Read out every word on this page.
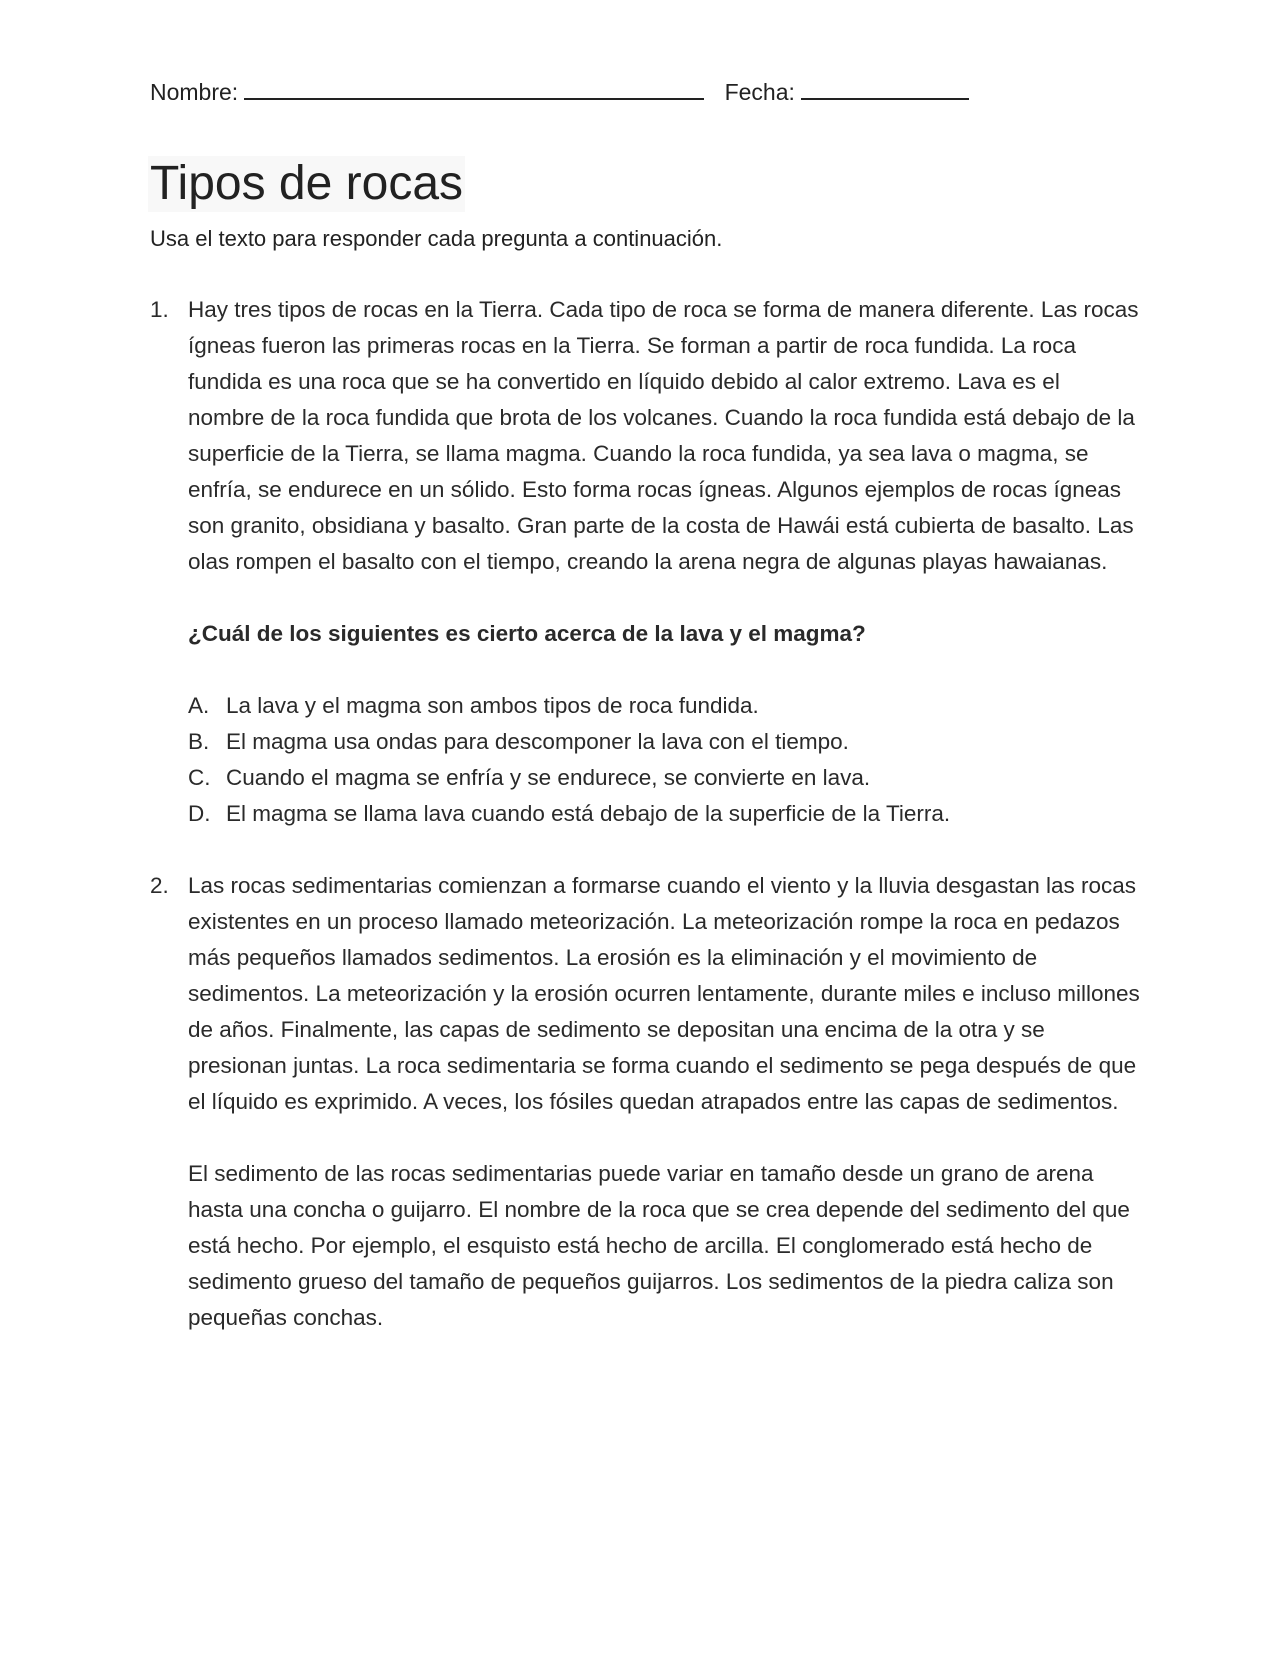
Nombre:	Fecha:
Tipos de rocas
Usa el texto para responder cada pregunta a continuación.
1. Hay tres tipos de rocas en la Tierra. Cada tipo de roca se forma de manera diferente. Las rocas ígneas fueron las primeras rocas en la Tierra. Se forman a partir de roca fundida. La roca fundida es una roca que se ha convertido en líquido debido al calor extremo. Lava es el nombre de la roca fundida que brota de los volcanes. Cuando la roca fundida está debajo de la superficie de la Tierra, se llama magma. Cuando la roca fundida, ya sea lava o magma, se enfría, se endurece en un sólido. Esto forma rocas ígneas. Algunos ejemplos de rocas ígneas son granito, obsidiana y basalto. Gran parte de la costa de Hawái está cubierta de basalto. Las olas rompen el basalto con el tiempo, creando la arena negra de algunas playas hawaianas.

¿Cuál de los siguientes es cierto acerca de la lava y el magma?
A. La lava y el magma son ambos tipos de roca fundida.
B. El magma usa ondas para descomponer la lava con el tiempo.
C. Cuando el magma se enfría y se endurece, se convierte en lava.
D. El magma se llama lava cuando está debajo de la superficie de la Tierra.
2. Las rocas sedimentarias comienzan a formarse cuando el viento y la lluvia desgastan las rocas existentes en un proceso llamado meteorización. La meteorización rompe la roca en pedazos más pequeños llamados sedimentos. La erosión es la eliminación y el movimiento de sedimentos. La meteorización y la erosión ocurren lentamente, durante miles e incluso millones de años. Finalmente, las capas de sedimento se depositan una encima de la otra y se presionan juntas. La roca sedimentaria se forma cuando el sedimento se pega después de que el líquido es exprimido. A veces, los fósiles quedan atrapados entre las capas de sedimentos.

El sedimento de las rocas sedimentarias puede variar en tamaño desde un grano de arena hasta una concha o guijarro. El nombre de la roca que se crea depende del sedimento del que está hecho. Por ejemplo, el esquisto está hecho de arcilla. El conglomerado está hecho de sedimento grueso del tamaño de pequeños guijarros. Los sedimentos de la piedra caliza son pequeñas conchas.
